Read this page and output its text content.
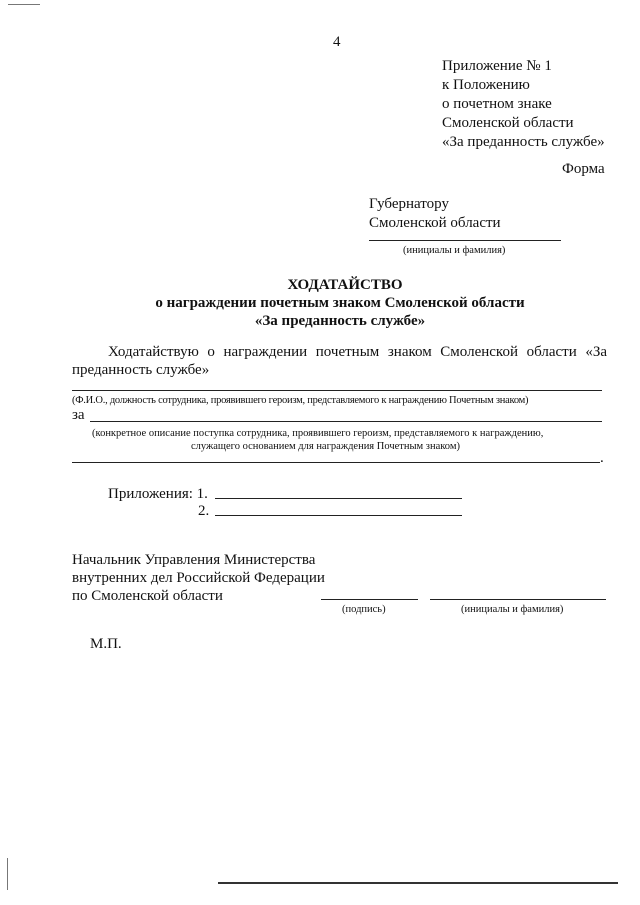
4
Приложение № 1
к Положению
о почетном знаке
Смоленской области
«За преданность службе»
Форма
Губернатору
Смоленской области
(инициалы и фамилия)
ХОДАТАЙСТВО
о награждении почетным знаком Смоленской области
«За преданность службе»
Ходатайствую о награждении почетным знаком Смоленской области «За
преданность службе»
(Ф.И.О., должность сотрудника, проявившего героизм, представляемого к награждению Почетным знаком)
за
(конкретное описание поступка сотрудника, проявившего героизм, представляемого к награждению,
служащего основанием для награждения Почетным знаком)
.
Приложения: 1.
2.
Начальник Управления Министерства
внутренних дел Российской Федерации
по Смоленской области
(подпись)	(инициалы и фамилия)
М.П.
